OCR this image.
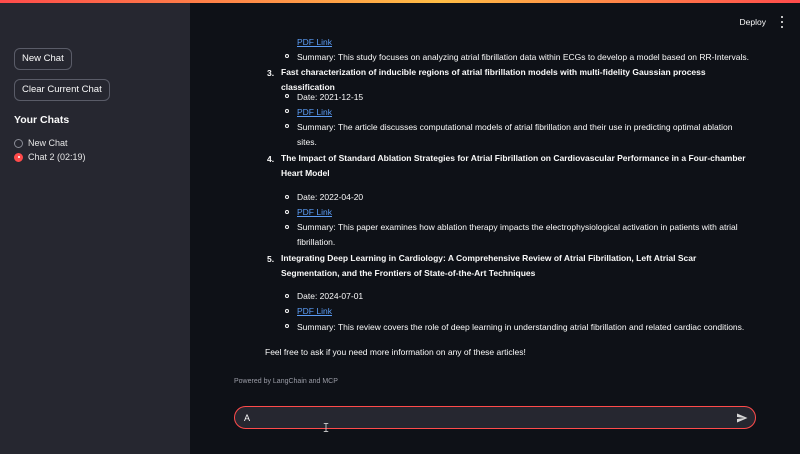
New Chat
Clear Current Chat
Your Chats
New Chat
Chat 2 (02:19)
Deploy
PDF Link
Summary: This study focuses on analyzing atrial fibrillation data within ECGs to develop a model based on RR-Intervals.
3. Fast characterization of inducible regions of atrial fibrillation models with multi-fidelity Gaussian process classification
Date: 2021-12-15
PDF Link
Summary: The article discusses computational models of atrial fibrillation and their use in predicting optimal ablation
sites.
4. The Impact of Standard Ablation Strategies for Atrial Fibrillation on Cardiovascular Performance in a Four-chamber Heart Model
Date: 2022-04-20
PDF Link
Summary: This paper examines how ablation therapy impacts the electrophysiological activation in patients with atrial
fibrillation.
5. Integrating Deep Learning in Cardiology: A Comprehensive Review of Atrial Fibrillation, Left Atrial Scar Segmentation, and the Frontiers of State-of-the-Art Techniques
Date: 2024-07-01
PDF Link
Summary: This review covers the role of deep learning in understanding atrial fibrillation and related cardiac conditions.
Feel free to ask if you need more information on any of these articles!
Powered by LangChain and MCP
A
